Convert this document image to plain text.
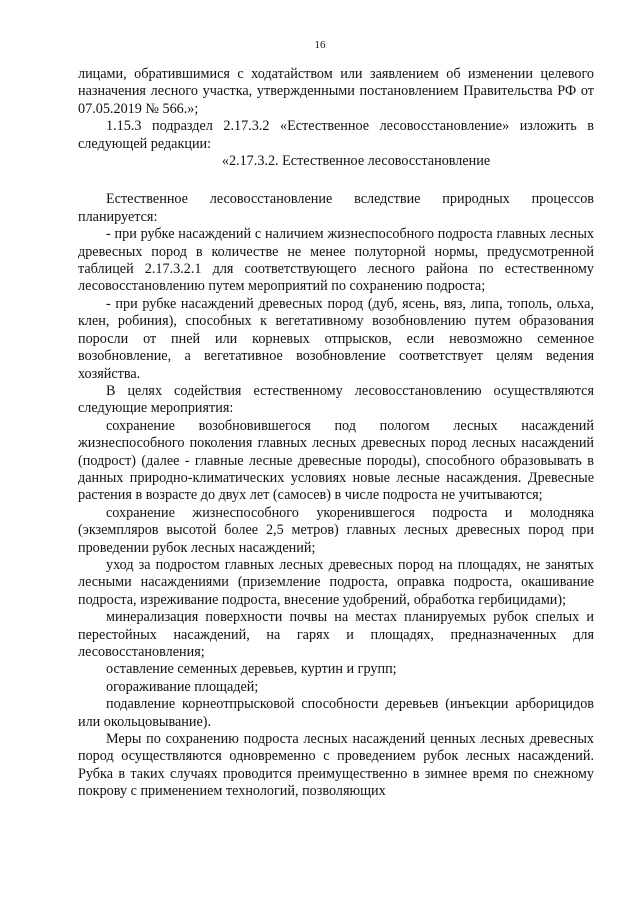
16

лицами, обратившимися с ходатайством или заявлением об изменении целевого назначения лесного участка, утвержденными постановлением Правительства РФ от 07.05.2019 № 566.»;

1.15.3 подраздел 2.17.3.2 «Естественное лесовосстановление» изложить в следующей редакции:

«2.17.3.2. Естественное лесовосстановление

Естественное лесовосстановление вследствие природных процессов планируется:

- при рубке насаждений с наличием жизнеспособного подроста главных лесных древесных пород в количестве не менее полуторной нормы, предусмотренной таблицей 2.17.3.2.1 для соответствующего лесного района по естественному лесовосстановлению путем мероприятий по сохранению подроста;

- при рубке насаждений древесных пород (дуб, ясень, вяз, липа, тополь, ольха, клен, робиния), способных к вегетативному возобновлению путем образования поросли от пней или корневых отпрысков, если невозможно семенное возобновление, а вегетативное возобновление соответствует целям ведения хозяйства.

В целях содействия естественному лесовосстановлению осуществляются следующие мероприятия:

сохранение возобновившегося под пологом лесных насаждений жизнеспособного поколения главных лесных древесных пород лесных насаждений (подрост) (далее - главные лесные древесные породы), способного образовывать в данных природно-климатических условиях новые лесные насаждения. Древесные растения в возрасте до двух лет (самосев) в числе подроста не учитываются;

сохранение жизнеспособного укоренившегося подроста и молодняка (экземпляров высотой более 2,5 метров) главных лесных древесных пород при проведении рубок лесных насаждений;

уход за подростом главных лесных древесных пород на площадях, не занятых лесными насаждениями (приземление подроста, оправка подроста, окашивание подроста, изреживание подроста, внесение удобрений, обработка гербицидами);

минерализация поверхности почвы на местах планируемых рубок спелых и перестойных насаждений, на гарях и площадях, предназначенных для лесовосстановления;

оставление семенных деревьев, куртин и групп;

огораживание площадей;

подавление корнеотпрысковой способности деревьев (инъекции арборицидов или окольцовывание).

Меры по сохранению подроста лесных насаждений ценных лесных древесных пород осуществляются одновременно с проведением рубок лесных насаждений. Рубка в таких случаях проводится преимущественно в зимнее время по снежному покрову с применением технологий, позволяющих
